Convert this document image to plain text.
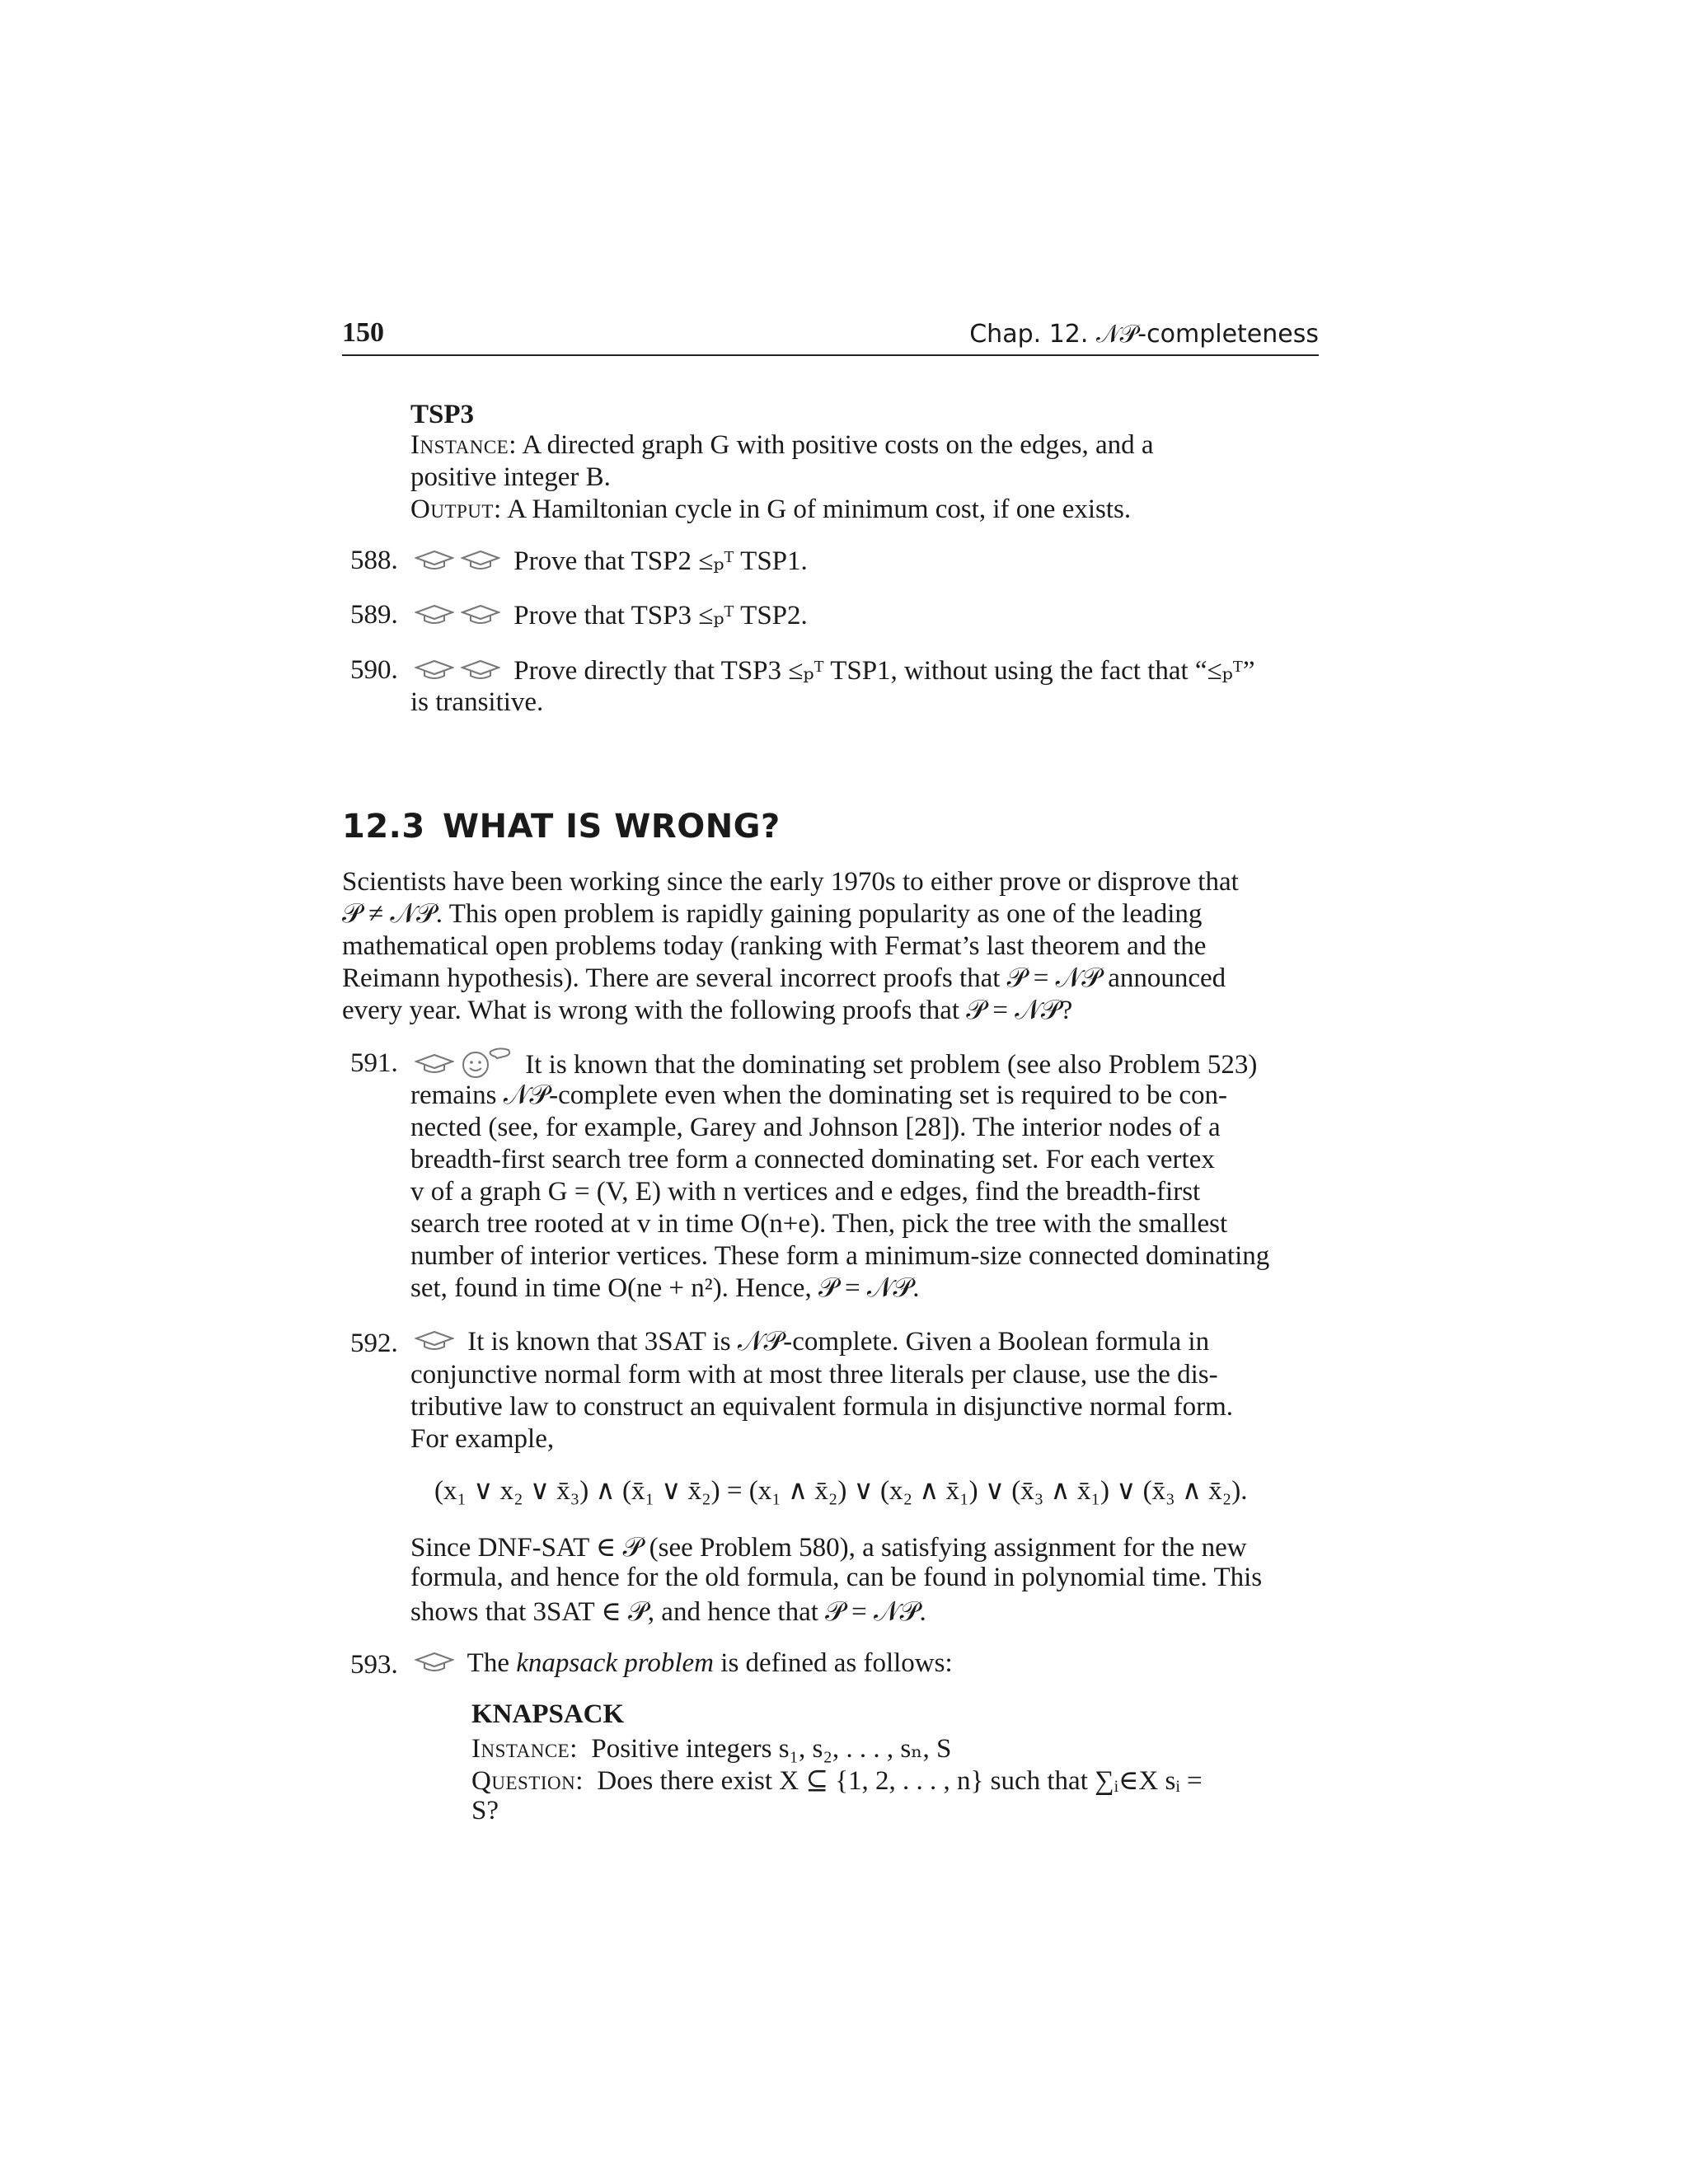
150	Chap. 12. 𝒩𝒫-completeness
TSP3
Instance: A directed graph G with positive costs on the edges, and a
positive integer B.
Output: A Hamiltonian cycle in G of minimum cost, if one exists.
588.	Prove that TSP2 ≤ₚᵀ TSP1.
589.	Prove that TSP3 ≤ₚᵀ TSP2.
590.	Prove directly that TSP3 ≤ₚᵀ TSP1, without using the fact that “≤ₚᵀ”
is transitive.
12.3 WHAT IS WRONG?
Scientists have been working since the early 1970s to either prove or disprove that
𝒫 ≠ 𝒩𝒫. This open problem is rapidly gaining popularity as one of the leading
mathematical open problems today (ranking with Fermat’s last theorem and the
Reimann hypothesis). There are several incorrect proofs that 𝒫 = 𝒩𝒫 announced
every year. What is wrong with the following proofs that 𝒫 = 𝒩𝒫?
591.	It is known that the dominating set problem (see also Problem 523)
remains 𝒩𝒫-complete even when the dominating set is required to be con-
nected (see, for example, Garey and Johnson [28]). The interior nodes of a
breadth-first search tree form a connected dominating set. For each vertex
v of a graph G = (V, E) with n vertices and e edges, find the breadth-first
search tree rooted at v in time O(n+e). Then, pick the tree with the smallest
number of interior vertices. These form a minimum-size connected dominating
set, found in time O(ne + n²). Hence, 𝒫 = 𝒩𝒫.
592.	It is known that 3SAT is 𝒩𝒫-complete. Given a Boolean formula in
conjunctive normal form with at most three literals per clause, use the dis-
tributive law to construct an equivalent formula in disjunctive normal form.
For example,
(x₁ ∨ x₂ ∨ x̄₃) ∧ (x̄₁ ∨ x̄₂) = (x₁ ∧ x̄₂) ∨ (x₂ ∧ x̄₁) ∨ (x̄₃ ∧ x̄₁) ∨ (x̄₃ ∧ x̄₂).
Since DNF-SAT ∈ 𝒫 (see Problem 580), a satisfying assignment for the new
formula, and hence for the old formula, can be found in polynomial time. This
shows that 3SAT ∈ 𝒫, and hence that 𝒫 = 𝒩𝒫.
593.	The knapsack problem is defined as follows:
KNAPSACK
Instance: Positive integers s₁, s₂, . . . , sₙ, S
Question: Does there exist X ⊆ {1, 2, . . . , n} such that ∑ᵢ∈X sᵢ =
S?
